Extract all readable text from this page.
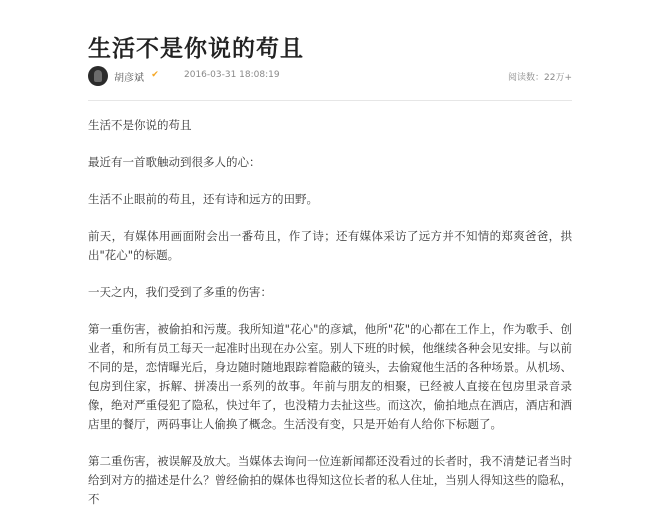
生活不是你说的苟且
胡彦斌 ✔	2016-03-31 18:08:19	阅读数：22万+

生活不是你说的苟且

最近有一首歌触动到很多人的心：

生活不止眼前的苟且，还有诗和远方的田野。

前天，有媒体用画面附会出一番苟且，作了诗；还有媒体采访了远方并不知情的郑爽爸爸，拱出"花心"的标题。

一天之内，我们受到了多重的伤害：

第一重伤害，被偷拍和污蔑。我所知道"花心"的彦斌，他所"花"的心都在工作上，作为歌手、创业者，和所有员工每天一起准时出现在办公室。别人下班的时候，他继续各种会见安排。与以前不同的是，恋情曝光后，身边随时随地跟踪着隐蔽的镜头，去偷窥他生活的各种场景。从机场、包房到住家，拆解、拼凑出一系列的故事。年前与朋友的相聚，已经被人直接在包房里录音录像，绝对严重侵犯了隐私，快过年了，也没精力去扯这些。而这次，偷拍地点在酒店，酒店和酒店里的餐厅，两码事让人偷换了概念。生活没有变，只是开始有人给你下标题了。

第二重伤害，被误解及放大。当媒体去询问一位连新闻都还没看过的长者时，我不清楚记者当时给到对方的描述是什么？曾经偷拍的媒体也得知这位长者的私人住址，当别人得知这些的隐私，不
